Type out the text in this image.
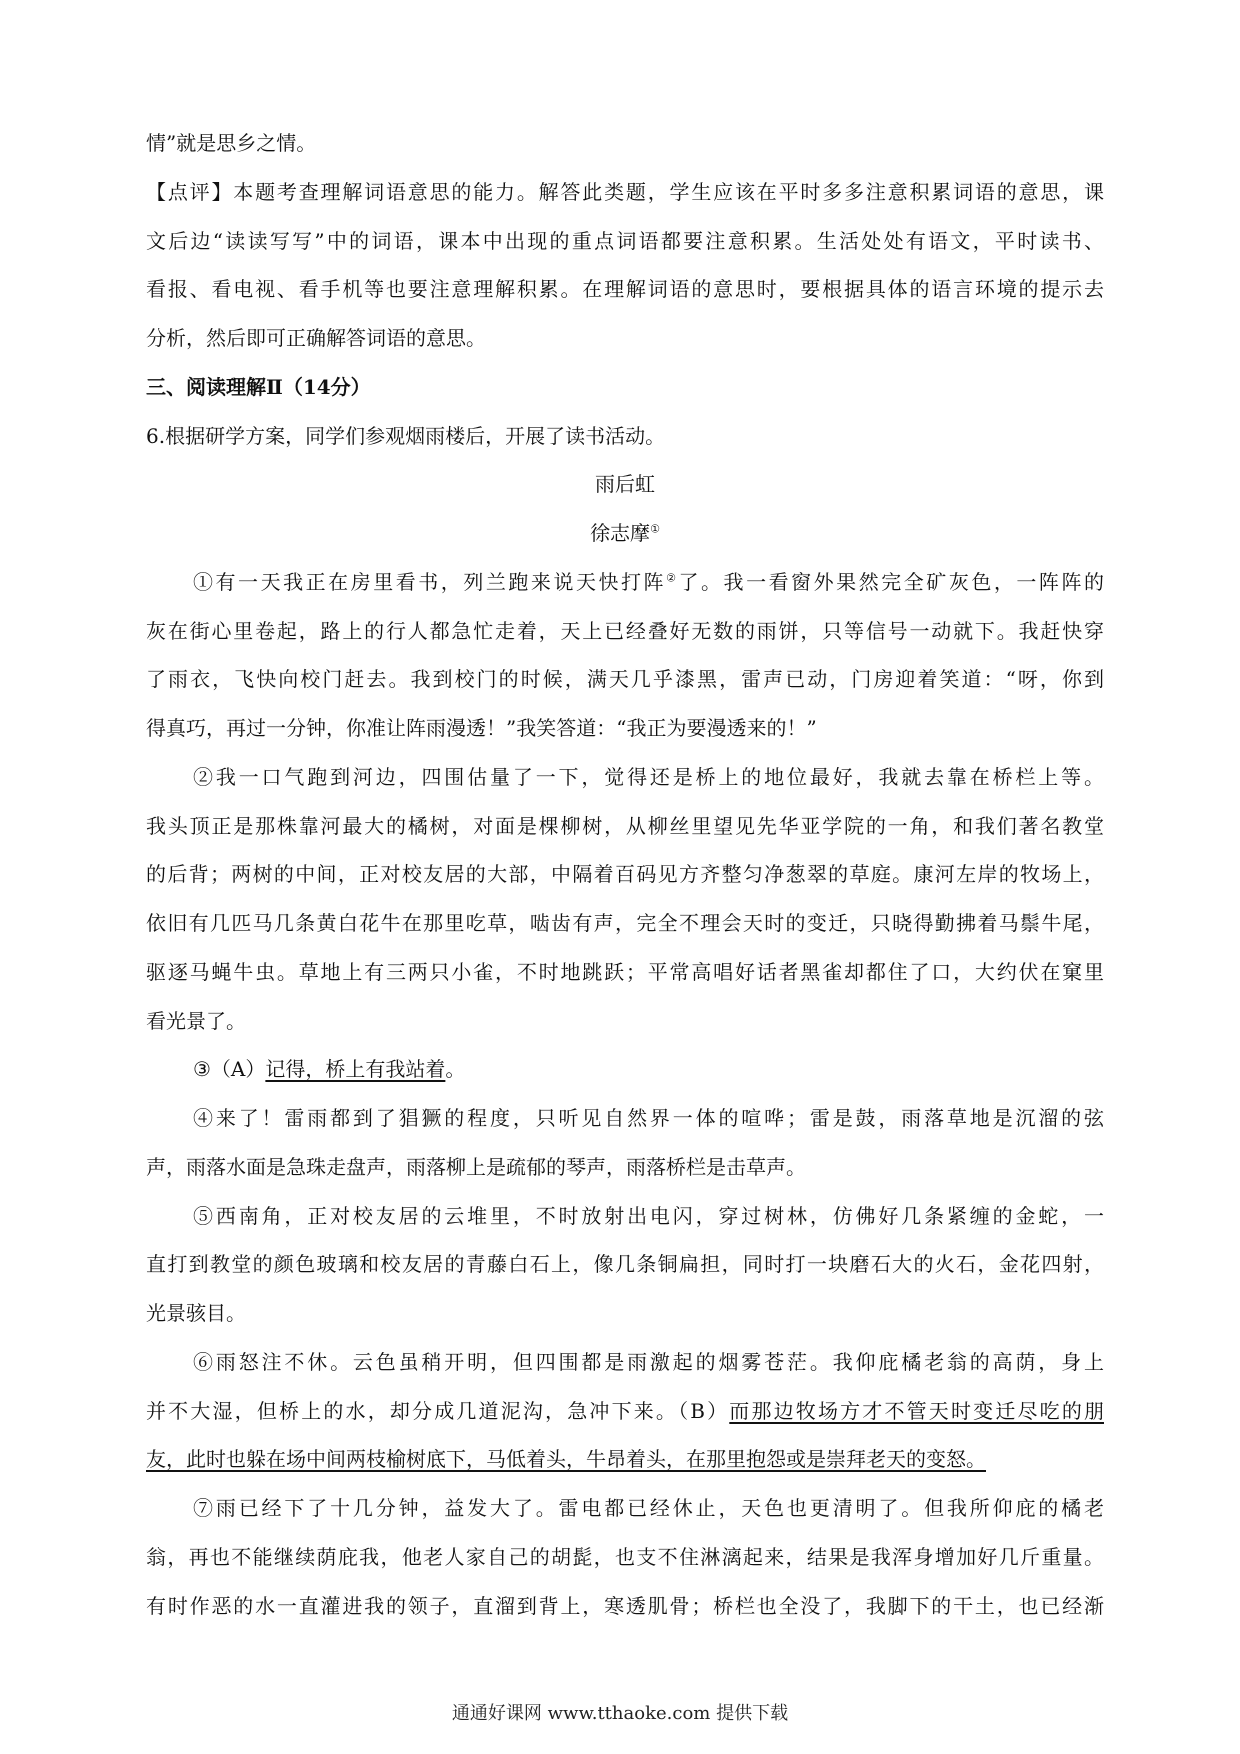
情”就是思乡之情。
【点评】本题考查理解词语意思的能力。解答此类题，学生应该在平时多多注意积累词语的意思，课
文后边“读读写写”中的词语，课本中出现的重点词语都要注意积累。生活处处有语文，平时读书、
看报、看电视、看手机等也要注意理解积累。在理解词语的意思时，要根据具体的语言环境的提示去
分析，然后即可正确解答词语的意思。
三、阅读理解Ⅱ（14分）
6.根据研学方案，同学们参观烟雨楼后，开展了读书活动。
雨后虹
徐志摩①
①有一天我正在房里看书，列兰跑来说天快打阵②了。我一看窗外果然完全矿灰色，一阵阵的
灰在街心里卷起，路上的行人都急忙走着，天上已经叠好无数的雨饼，只等信号一动就下。我赶快穿
了雨衣，飞快向校门赶去。我到校门的时候，满天几乎漆黑，雷声已动，门房迎着笑道：“呀，你到
得真巧，再过一分钟，你准让阵雨漫透！”我笑答道：“我正为要漫透来的！”
②我一口气跑到河边，四围估量了一下，觉得还是桥上的地位最好，我就去靠在桥栏上等。
我头顶正是那株靠河最大的橘树，对面是棵柳树，从柳丝里望见先华亚学院的一角，和我们著名教堂
的后背；两树的中间，正对校友居的大部，中隔着百码见方齐整匀净葱翠的草庭。康河左岸的牧场上，
依旧有几匹马几条黄白花牛在那里吃草，啮齿有声，完全不理会天时的变迁，只晓得勤拂着马鬃牛尾，
驱逐马蝇牛虫。草地上有三两只小雀，不时地跳跃；平常高唱好话者黑雀却都住了口，大约伏在窠里
看光景了。
③（A）记得，桥上有我站着。
④来了！雷雨都到了猖獗的程度，只听见自然界一体的喧哗；雷是鼓，雨落草地是沉溜的弦
声，雨落水面是急珠走盘声，雨落柳上是疏郁的琴声，雨落桥栏是击草声。
⑤西南角，正对校友居的云堆里，不时放射出电闪，穿过树林，仿佛好几条紧缠的金蛇，一
直打到教堂的颜色玻璃和校友居的青藤白石上，像几条铜扁担，同时打一块磨石大的火石，金花四射，
光景骇目。
⑥雨怒注不休。云色虽稍开明，但四围都是雨激起的烟雾苍茫。我仰庇橘老翁的高荫，身上
并不大湿，但桥上的水，却分成几道泥沟，急冲下来。（B）而那边牧场方才不管天时变迁尽吃的朋
友，此时也躲在场中间两枝榆树底下，马低着头，牛昂着头，在那里抱怨或是崇拜老天的变怒。
⑦雨已经下了十几分钟，益发大了。雷电都已经休止，天色也更清明了。但我所仰庇的橘老
翁，再也不能继续荫庇我，他老人家自己的胡髭，也支不住淋漓起来，结果是我浑身增加好几斤重量。
有时作恶的水一直灌进我的领子，直溜到背上，寒透肌骨；桥栏也全没了，我脚下的干土，也已经渐
通通好课网 www.tthaoke.com 提供下载
